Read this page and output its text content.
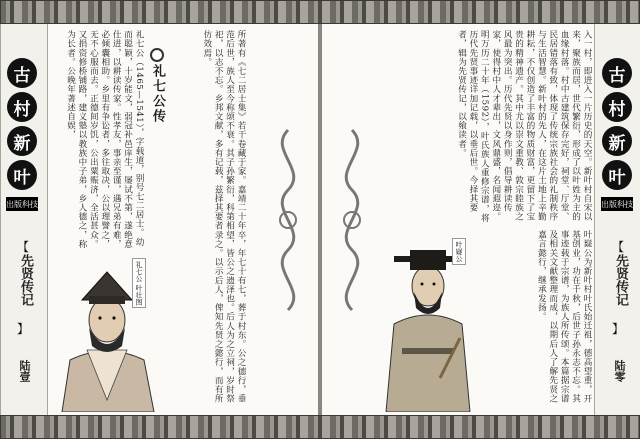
古
村
新
叶
出版科技
【
先贤传记
】
陆壹
礼七公 叶壮图
礼七公传
礼七公（1465—1541），字载道，别号七二居士。幼而聪颖，十岁能文，弱冠补邑庠生，屡试不第，遂绝意仕进，以耕读传家。性孝友，事亲至谨，遇兄弟有难，必倾囊相助。乡里有争讼者，多往取决，公以理譬之，无不心服而去。正德间岁饥，公出粟赈济，全活甚众。又捐资修桥铺路，建义塾以教族中子弟，乡人德之，称为长者。公晚年著述自娱，	所著有《七二居士集》若干卷藏于家。嘉靖二十年卒，年七十有七，葬于村东。公之德行，垂范后世，族人至今称颂不衰。其子孙繁衍，科第相望，皆公之遗泽也。后人为之立祠，岁时祭祀，以志不忘。乡邦文献，多有记载，兹择其要者录之。以示后人，俾知先贤之懿行，而有所仿效焉。
古
村
新
叶
出版科技
【
先贤传记
】
陆零
叶嶷公
入一村，即进入一片历史的天空。新叶村自宋以来，聚族而居，世代繁衍，形成了以叶姓为主的血缘村落。村中古建筑保存完好，祠堂、厅堂、民居错落有致，体现了传统宗族社会的礼制秩序与生活智慧。新叶村的先人，在这片土地上辛勤耕耘，不仅创造了丰富的物质财富，更留下了宝贵的精神遗产。其中尤以崇文重教、敦宗睦族之风最为突出。历代先贤以身作则，倡导耕读传家，使得村中人才辈出，文风鼎盛，名闻遐迩。明万历二十年（1592），叶氏族人重修宗谱，将历代先贤事迹详加记载，以垂后世。今择其要者，辑为先贤传记，以飨读者。
叶嶷公为新叶村叶氏始迁祖，德高望重，开基创业，功在千秋，后世子孙永志不忘。其事迹载于宗谱，为族人所传颂。本篇据宗谱及相关文献整理而成，以期后人了解先贤之嘉言懿行，继承发扬。
